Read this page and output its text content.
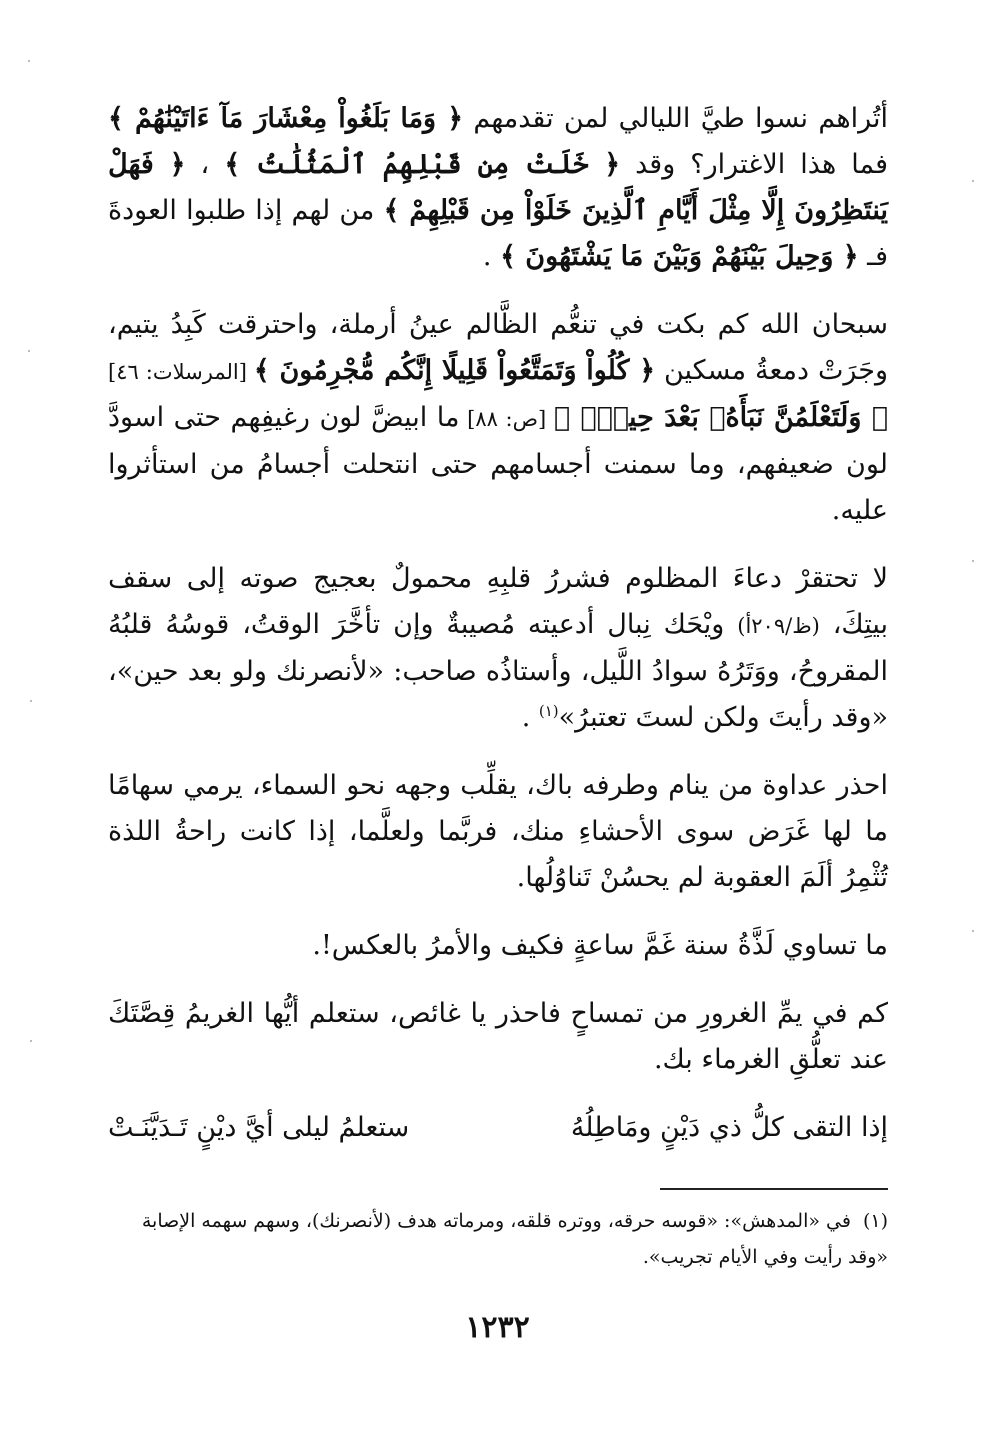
أتُراهم نسوا طيَّ الليالي لمن تقدمهم ﴿ وَمَا بَلَغُواْ مِعْشَارَ مَآ ءَاتَيْنَٰهُمْ ﴾ فما هذا الاغترار؟ وقد ﴿ خَلَتْ مِن قَبْلِهِمُ ٱلْمَثُلَٰتُ ﴾ ، ﴿ فَهَلْ يَنتَظِرُونَ إِلَّا مِثْلَ أَيَّامِ ٱلَّذِينَ خَلَوْاْ مِن قَبْلِهِمْ ﴾ من لهم إذا طلبوا العودةَ فـ ﴿ وَحِيلَ بَيْنَهُمْ وَبَيْنَ مَا يَشْتَهُونَ ﴾ .

سبحان الله كم بكت في تنعُّم الظَّالم عينُ أرملة، واحترقت كَبِدُ يتيم، وجَرَتْ دمعةُ مسكين ﴿ كُلُواْ وَتَمَتَّعُواْ قَلِيلًا إِنَّكُم مُّجْرِمُونَ ﴾ [المرسلات: ٤٦] ﴿ وَلَتَعْلَمُنَّ نَبَأَهُۥ بَعْدَ حِينِۭ ﴾ [ص: ٨٨] ما ابيضَّ لون رغيفِهم حتى اسودَّ لون ضعيفهم، وما سمنت أجسامهم حتى انتحلت أجسامُ من استأثروا عليه.

لا تحتقرْ دعاءَ المظلوم فشررُ قلبِهِ محمولٌ بعجيج صوته إلى سقف بيتِكَ، (ظ/٢٠٩أ) ويْحَك نِبال أدعيته مُصيبةٌ وإن تأخَّرَ الوقتُ، قوسُهُ قلبُهُ المقروحُ، ووَتَرُهُ سوادُ اللَّيل، وأستاذُه صاحب: «لأنصرنك ولو بعد حين»، «وقد رأيتَ ولكن لستَ تعتبرُ»$^{(١)}$ .

احذر عداوة من ينام وطرفه باك، يقلِّب وجهه نحو السماء، يرمي سهامًا ما لها غَرَض سوى الأحشاءِ منك، فربَّما ولعلَّما، إذا كانت راحةُ اللذة تُثْمِرُ ألَمَ العقوبة لم يحسُنْ تَناوُلُها.

ما تساوي لَذَّةُ سنة غَمَّ ساعةٍ فكيف والأمرُ بالعكس!.

كم في يمِّ الغرورِ من تمساحٍ فاحذر يا غائص، ستعلم أيُّها الغريمُ قِصَّتَكَ عند تعلُّقِ الغرماء بك.

إذا التقى كلُّ ذي دَيْنٍ ومَاطِلُهُ
ستعلمُ ليلى أيَّ ديْنٍ تَـدَيَّنَـتْ
(١)في «المدهش»: «قوسه حرقه، ووتره قلقه، ومرماته هدف (لأنصرنك)، وسهم سهمه الإصابة «وقد رأيت وفي الأيام تجريب».
١٢٣٢
